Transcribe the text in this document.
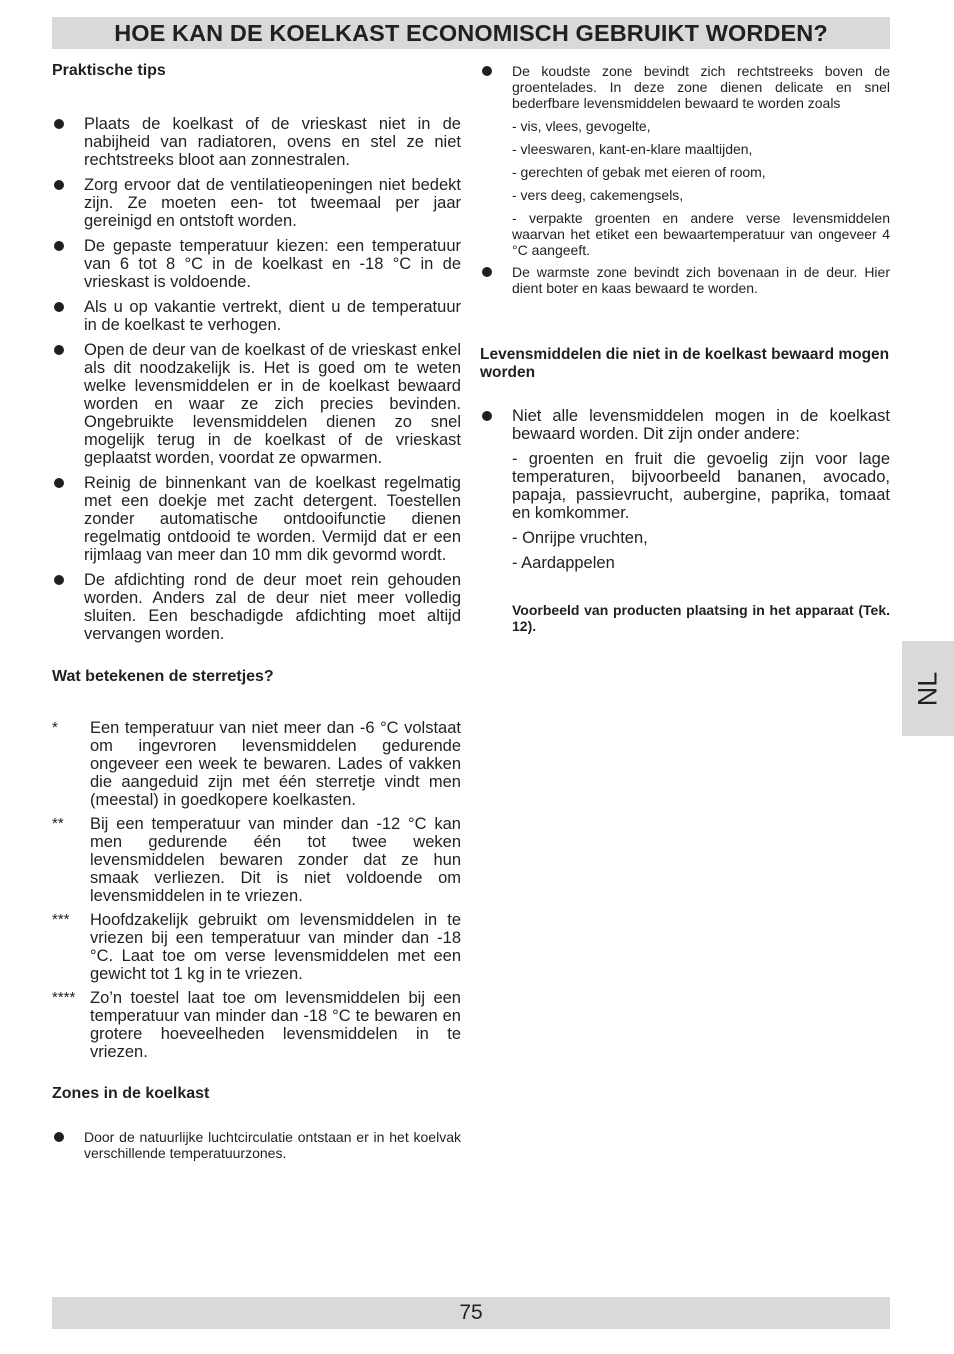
HOE KAN DE KOELKAST ECONOMISCH GEBRUIKT WORDEN?
Praktische tips
Plaats de koelkast of de vrieskast niet in de nabijheid van radiatoren, ovens en stel ze niet rechtstreeks bloot aan zonnestralen.
Zorg ervoor dat de ventilatieopeningen niet bedekt zijn. Ze moeten een- tot tweemaal per jaar gereinigd en ontstoft worden.
De gepaste temperatuur kiezen: een temperatuur van 6 tot 8 °C in de koelkast en -18 °C in de vrieskast is voldoende.
Als u op vakantie vertrekt, dient u de temperatuur in de koelkast te verhogen.
Open de deur van de koelkast of de vrieskast enkel als dit noodzakelijk is. Het is goed om te weten welke levensmiddelen er in de koelkast bewaard worden en waar ze zich precies bevinden. Ongebruikte levensmiddelen dienen zo snel mogelijk terug in de koelkast of de vrieskast geplaatst worden, voordat ze opwarmen.
Reinig de binnenkant van de koelkast regelmatig met een doekje met zacht detergent. Toestellen zonder automatische ontdooifunctie dienen regelmatig ontdooid te worden. Vermijd dat er een rijmlaag van meer dan 10 mm dik gevormd wordt.
De afdichting rond de deur moet rein gehouden worden. Anders zal de deur niet meer volledig sluiten. Een beschadigde afdichting moet altijd vervangen worden.
Wat betekenen de sterretjes?
* Een temperatuur van niet meer dan -6 °C volstaat om ingevroren levensmiddelen gedurende ongeveer een week te bewaren. Lades of vakken die aangeduid zijn met één sterretje vindt men (meestal) in goedkopere koelkasten.
** Bij een temperatuur van minder dan -12 °C kan men gedurende één tot twee weken levensmiddelen bewaren zonder dat ze hun smaak verliezen. Dit is niet voldoende om levensmiddelen in te vriezen.
*** Hoofdzakelijk gebruikt om levensmiddelen in te vriezen bij een temperatuur van minder dan -18 °C. Laat toe om verse levensmiddelen met een gewicht tot 1 kg in te vriezen.
**** Zo’n toestel laat toe om levensmiddelen bij een temperatuur van minder dan -18 °C te bewaren en grotere hoeveelheden levensmiddelen in te vriezen.
Zones in de koelkast
Door de natuurlijke luchtcirculatie ontstaan er in het koelvak verschillende temperatuurzones.
De koudste zone bevindt zich rechtstreeks boven de groentelades. In deze zone dienen delicate en snel bederfbare levensmiddelen bewaard te worden zoals
- vis, vlees, gevogelte,
- vleeswaren, kant-en-klare maaltijden,
- gerechten of gebak met eieren of room,
- vers deeg, cakemengsels,
- verpakte groenten en andere verse levensmiddelen waarvan het etiket een bewaartemperatuur van ongeveer 4 °C aangeeft.
De warmste zone bevindt zich bovenaan in de deur. Hier dient boter en kaas bewaard te worden.
Levensmiddelen die niet in de koelkast bewaard mogen worden
Niet alle levensmiddelen mogen in de koelkast bewaard worden. Dit zijn onder andere:
- groenten en fruit die gevoelig zijn voor lage temperaturen, bijvoorbeeld bananen, avocado, papaja, passievrucht, aubergine, paprika, tomaat en komkommer.
- Onrijpe vruchten,
- Aardappelen
Voorbeeld van producten plaatsing in het apparaat (Tek. 12).
NL
75
